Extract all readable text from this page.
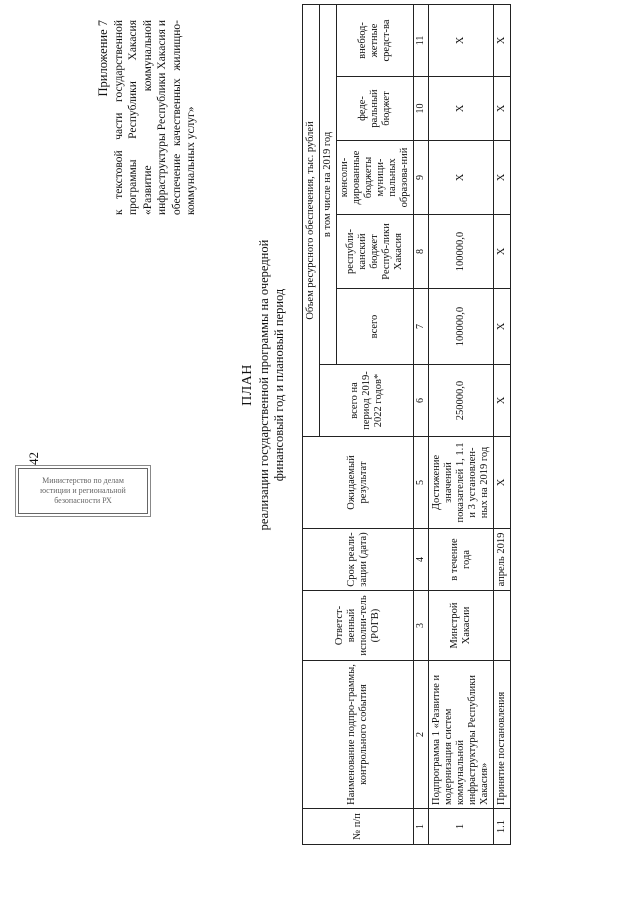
42
Приложение 7 к текстовой части государственной программы Республики Хакасия «Развитие коммунальной инфраструктуры Республики Хакасия и обеспечение качественных жилищно-коммунальных услуг»
ПЛАН реализации государственной программы на очередной финансовый год и плановый период
№ п/п	Наименование подпро-граммы, контрольного события	Ответст-венный исполни-тель (РОГВ)	Срок реали-зации (дата)	Ожидаемый результат	Объем ресурсного обеспечения, тыс. рублей					
					всего на период 2019-2022 годов*	в том числе на 2019 год				
						всего	республи-канский бюджет Респуб-лики Хакасия	консоли-дированные бюджеты муници-пальных образова-ний	феде-ральный бюджет	внебюд-жетные средст-ва
1	2	3	4	5	6	7	8	9	10	11
1	Подпрограмма 1 «Развитие и модернизация систем коммунальной инфраструктуры Республики Хакасия»	Минстрой Хакасии	в течение года	Достижение значений показателей 1, 1.1 и 3 установлен-ных на 2019 год	250000,0	100000,0	100000,0	Х	Х	Х
1.1	Принятие постановления		апрель 2019	Х	Х	Х	Х	Х	Х	Х
Министерство по делам
юстиции и региональной
безопасности РХ
